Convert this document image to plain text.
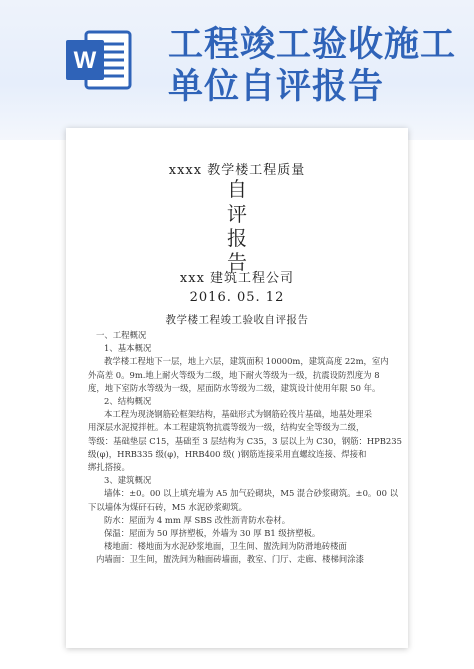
W 工程竣工验收施工
单位自评报告
xxxx 教学楼工程质量
自
评
报
告
xxx 建筑工程公司
2016. 05. 12
教学楼工程竣工验收自评报告

一、工程概况

1、基本概况

教学楼工程地下一层，地上六层，建筑面积 10000m，建筑高度 22m，室内

外高差 0。9m.地上耐火等级为二级，地下耐火等级为一级，抗震设防烈度为 8

度，地下室防水等级为一级，屋面防水等级为二级，建筑设计使用年限 50 年。

2、结构概况

本工程为现浇钢筋砼框架结构，基础形式为钢筋砼筏片基础，地基处理采

用深层水泥搅拌桩。本工程建筑物抗震等级为一级，结构安全等级为二级，

等级：基础垫层 C15，基础至 3 层结构为 C35，3 层以上为 C30，钢筋：HPB235

级(φ)，HRB335 级(φ)，HRB400 级( )钢筋连接采用直螺纹连接、焊接和

绑扎搭接。

3、建筑概况

墙体：±0。00 以上填充墙为 A5 加气砼砌块，M5 混合砂浆砌筑。±0。00 以

下以墙体为煤矸石砖，M5 水泥砂浆砌筑。

防水：屋面为 4 mm 厚 SBS 改性沥青防水卷材。

保温：屋面为 50 厚挤塑板，外墙为 30 厚 B1 级挤塑板。

楼地面：楼地面为水泥砂浆地面，卫生间、盥洗间为防滑地砖楼面

内墙面：卫生间，盥洗间为釉面砖墙面，教室、门厅、走廊、楼梯间涂漆
